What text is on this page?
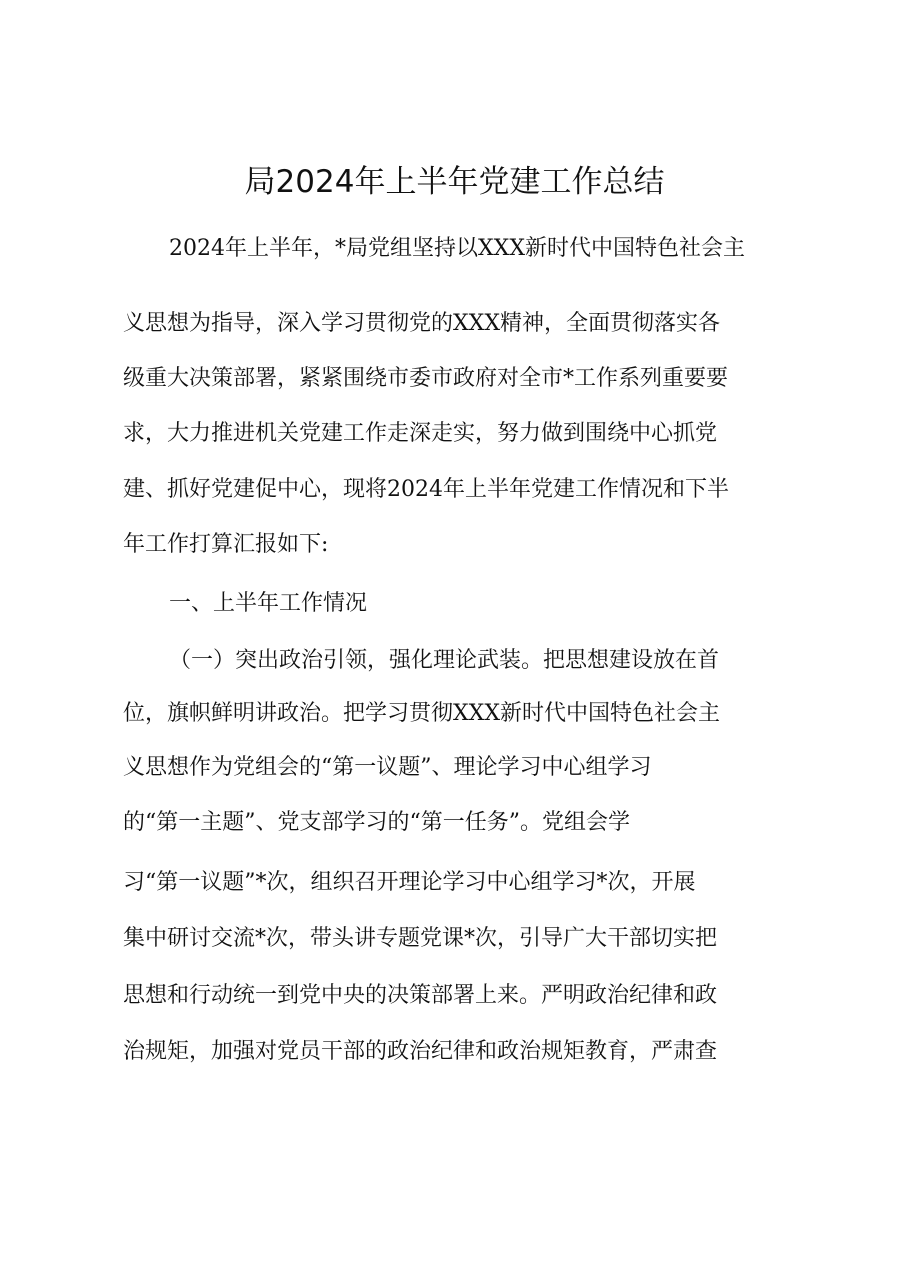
局2024年上半年党建工作总结
2024年上半年，*局党组坚持以XXX新时代中国特色社会主
义思想为指导，深入学习贯彻党的XXX精神，全面贯彻落实各
级重大决策部署，紧紧围绕市委市政府对全市*工作系列重要要
求，大力推进机关党建工作走深走实，努力做到围绕中心抓党
建、抓好党建促中心，现将2024年上半年党建工作情况和下半
年工作打算汇报如下:
一、上半年工作情况
（一）突出政治引领，强化理论武装。把思想建设放在首
位，旗帜鲜明讲政治。把学习贯彻XXX新时代中国特色社会主
义思想作为党组会的“第一议题”、理论学习中心组学习
的“第一主题”、党支部学习的“第一任务”。党组会学
习“第一议题”*次，组织召开理论学习中心组学习*次，开展
集中研讨交流*次，带头讲专题党课*次，引导广大干部切实把
思想和行动统一到党中央的决策部署上来。严明政治纪律和政
治规矩，加强对党员干部的政治纪律和政治规矩教育，严肃查
